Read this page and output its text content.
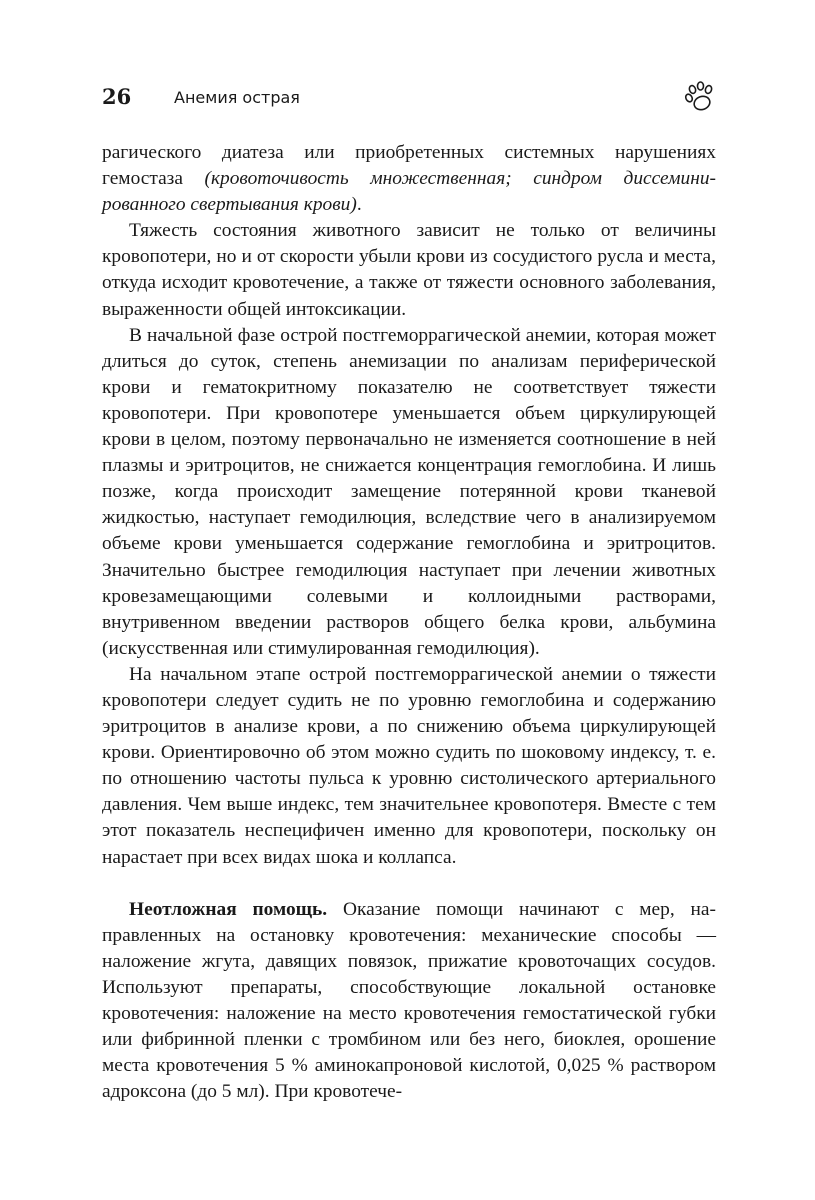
26	Анемия острая

рагического диатеза или приобретенных системных нарушениях гемостаза (кровоточивость множественная; синдром диссеминированного свертывания крови).

Тяжесть состояния животного зависит не только от величины кровопотери, но и от скорости убыли крови из сосудистого русла и места, откуда исходит кровотечение, а также от тяжести основного заболевания, выраженности общей интоксикации.

В начальной фазе острой постгеморрагической анемии, которая может длиться до суток, степень анемизации по анализам периферической крови и гематокритному показателю не соответствует тяжести кровопотери. При кровопотере уменьшается объем циркулирующей крови в целом, поэтому первоначально не изменяется соотношение в ней плазмы и эритроцитов, не снижается концентрация гемоглобина. И лишь позже, когда происходит замещение потерянной крови тканевой жидкостью, наступает гемодилюция, вследствие чего в анализируемом объеме крови уменьшается содержание гемоглобина и эритроцитов. Значительно быстрее гемодилюция наступает при лечении животных кровезамещающими солевыми и коллоидными растворами, внутривенном введении растворов общего белка крови, альбумина (искусственная или стимулированная гемодилюция).

На начальном этапе острой постгеморрагической анемии о тяжести кровопотери следует судить не по уровню гемоглобина и содержанию эритроцитов в анализе крови, а по снижению объема циркулирующей крови. Ориентировочно об этом можно судить по шоковому индексу, т. е. по отношению частоты пульса к уровню систолического артериального давления. Чем выше индекс, тем значительнее кровопотеря. Вместе с тем этот показатель неспецифичен именно для кровопотери, поскольку он нарастает при всех видах шока и коллапса.

Неотложная помощь. Оказание помощи начинают с мер, направленных на остановку кровотечения: механические способы — наложение жгута, давящих повязок, прижатие кровоточащих сосудов. Используют препараты, способствующие локальной остановке кровотечения: наложение на место кровотечения гемостатической губки или фибринной пленки с тромбином или без него, биоклея, орошение места кровотечения 5 % аминокапроновой кислотой, 0,025 % раствором адроксона (до 5 мл). При кровотече-
